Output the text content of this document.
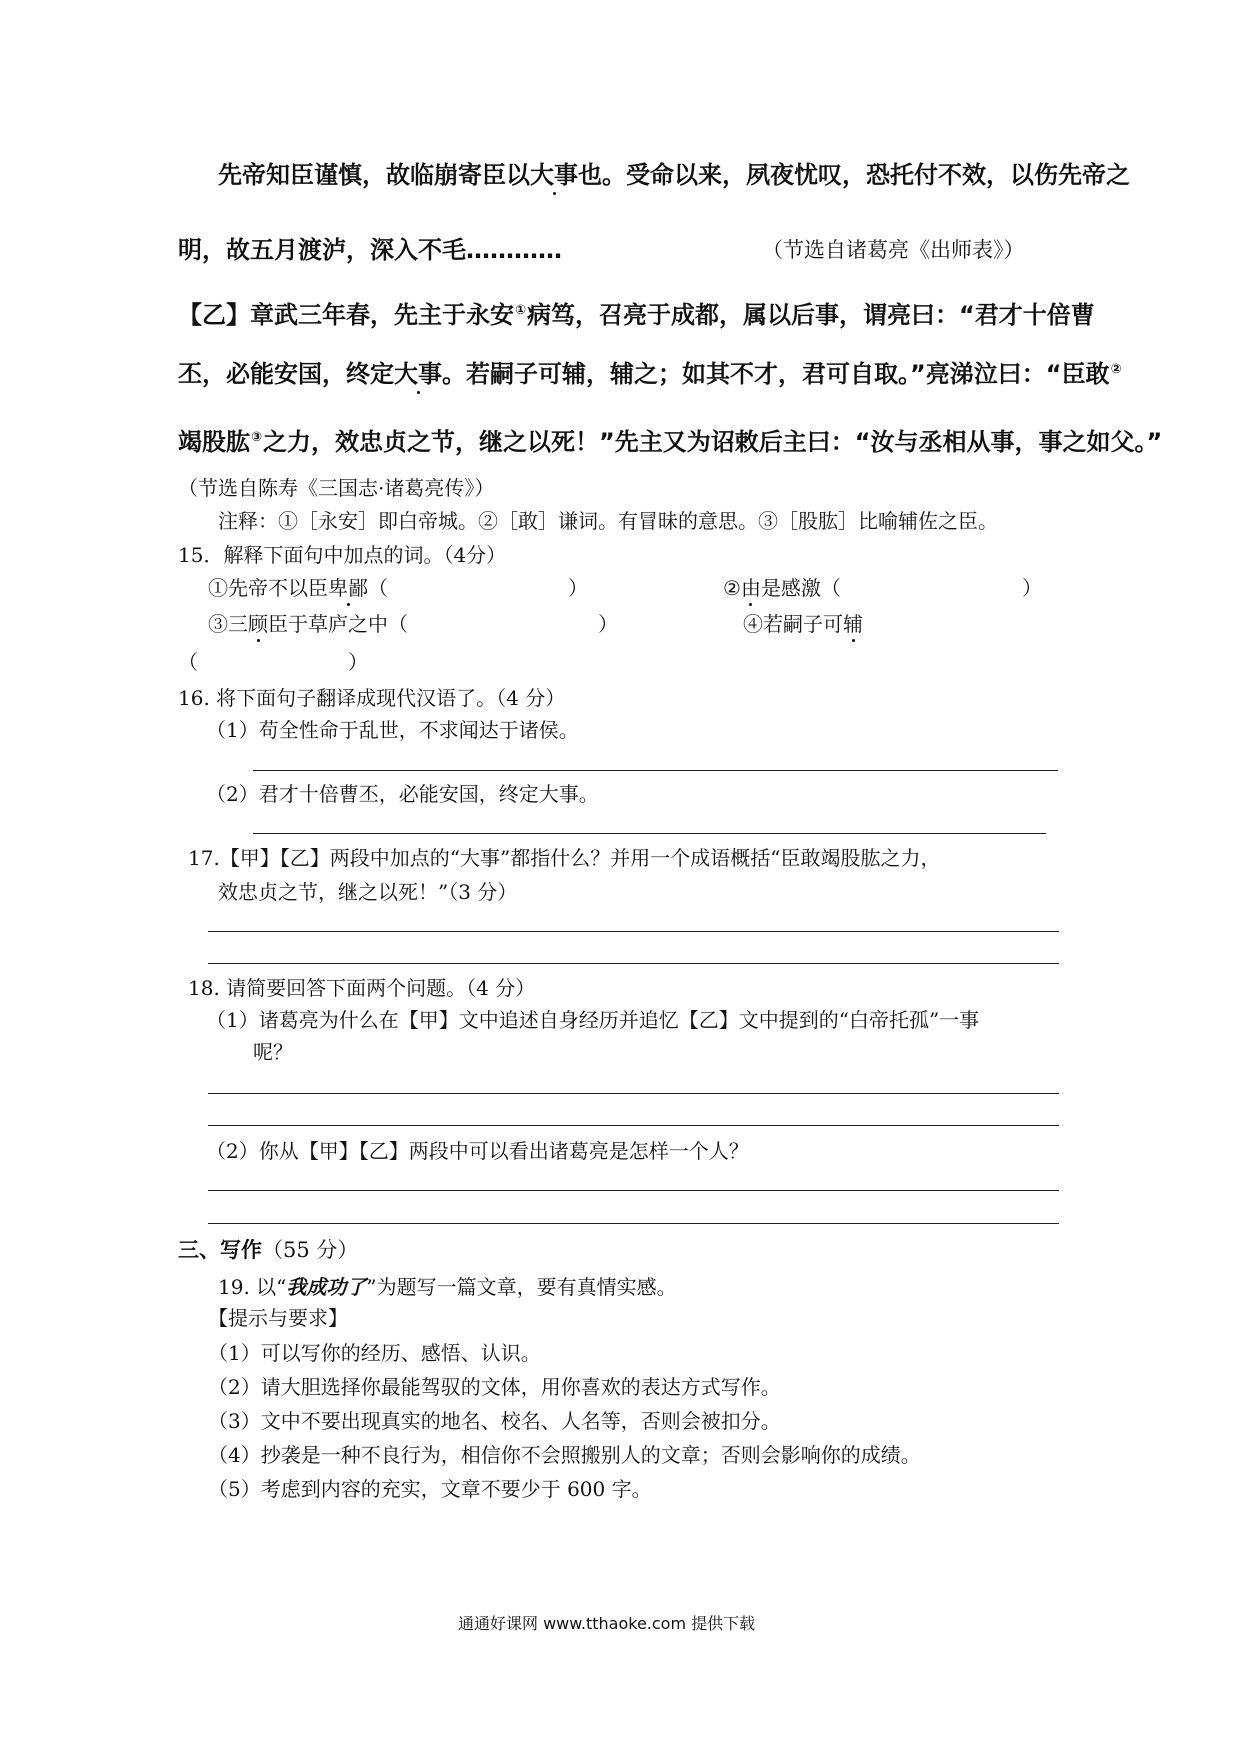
先帝知臣谨慎，故临崩寄臣以大事也。受命以来，夙夜忧叹，恐托付不效，以伤先帝之
明，故五月渡泸，深入不毛…………	（节选自诸葛亮《出师表》）
【乙】章武三年春，先主于永安①病笃，召亮于成都，属以后事，谓亮曰：“君才十倍曹
丕，必能安国，终定大事。若嗣子可辅，辅之；如其不才，君可自取。”亮涕泣曰：“臣敢②
竭股肱③之力，效忠贞之节，继之以死！”先主又为诏敕后主曰：“汝与丞相从事，事之如父。”
（节选自陈寿《三国志·诸葛亮传》）
注释：①［永安］即白帝城。②［敢］谦词。有冒昧的意思。③［股肱］比喻辅佐之臣。
15．解释下面句中加点的词。（4分）
①先帝不以臣卑鄙（	）	②由是感激（	）
③三顾臣于草庐之中（	）	④若嗣子可辅
（	）
16. 将下面句子翻译成现代汉语了。（4 分）
（1）苟全性命于乱世，不求闻达于诸侯。
（2）君才十倍曹丕，必能安国，终定大事。
17.【甲】【乙】两段中加点的“大事”都指什么？并用一个成语概括“臣敢竭股肱之力，
效忠贞之节，继之以死！”（3 分）
18. 请简要回答下面两个问题。（4 分）
（1）诸葛亮为什么在【甲】文中追述自身经历并追忆【乙】文中提到的“白帝托孤”一事
呢？
（2）你从【甲】【乙】两段中可以看出诸葛亮是怎样一个人？
三、写作（55 分）
19. 以“我成功了”为题写一篇文章，要有真情实感。
【提示与要求】
（1）可以写你的经历、感悟、认识。
（2）请大胆选择你最能驾驭的文体，用你喜欢的表达方式写作。
（3）文中不要出现真实的地名、校名、人名等，否则会被扣分。
（4）抄袭是一种不良行为，相信你不会照搬别人的文章；否则会影响你的成绩。
（5）考虑到内容的充实，文章不要少于 600 字。
通通好课网 www.tthaoke.com 提供下载
